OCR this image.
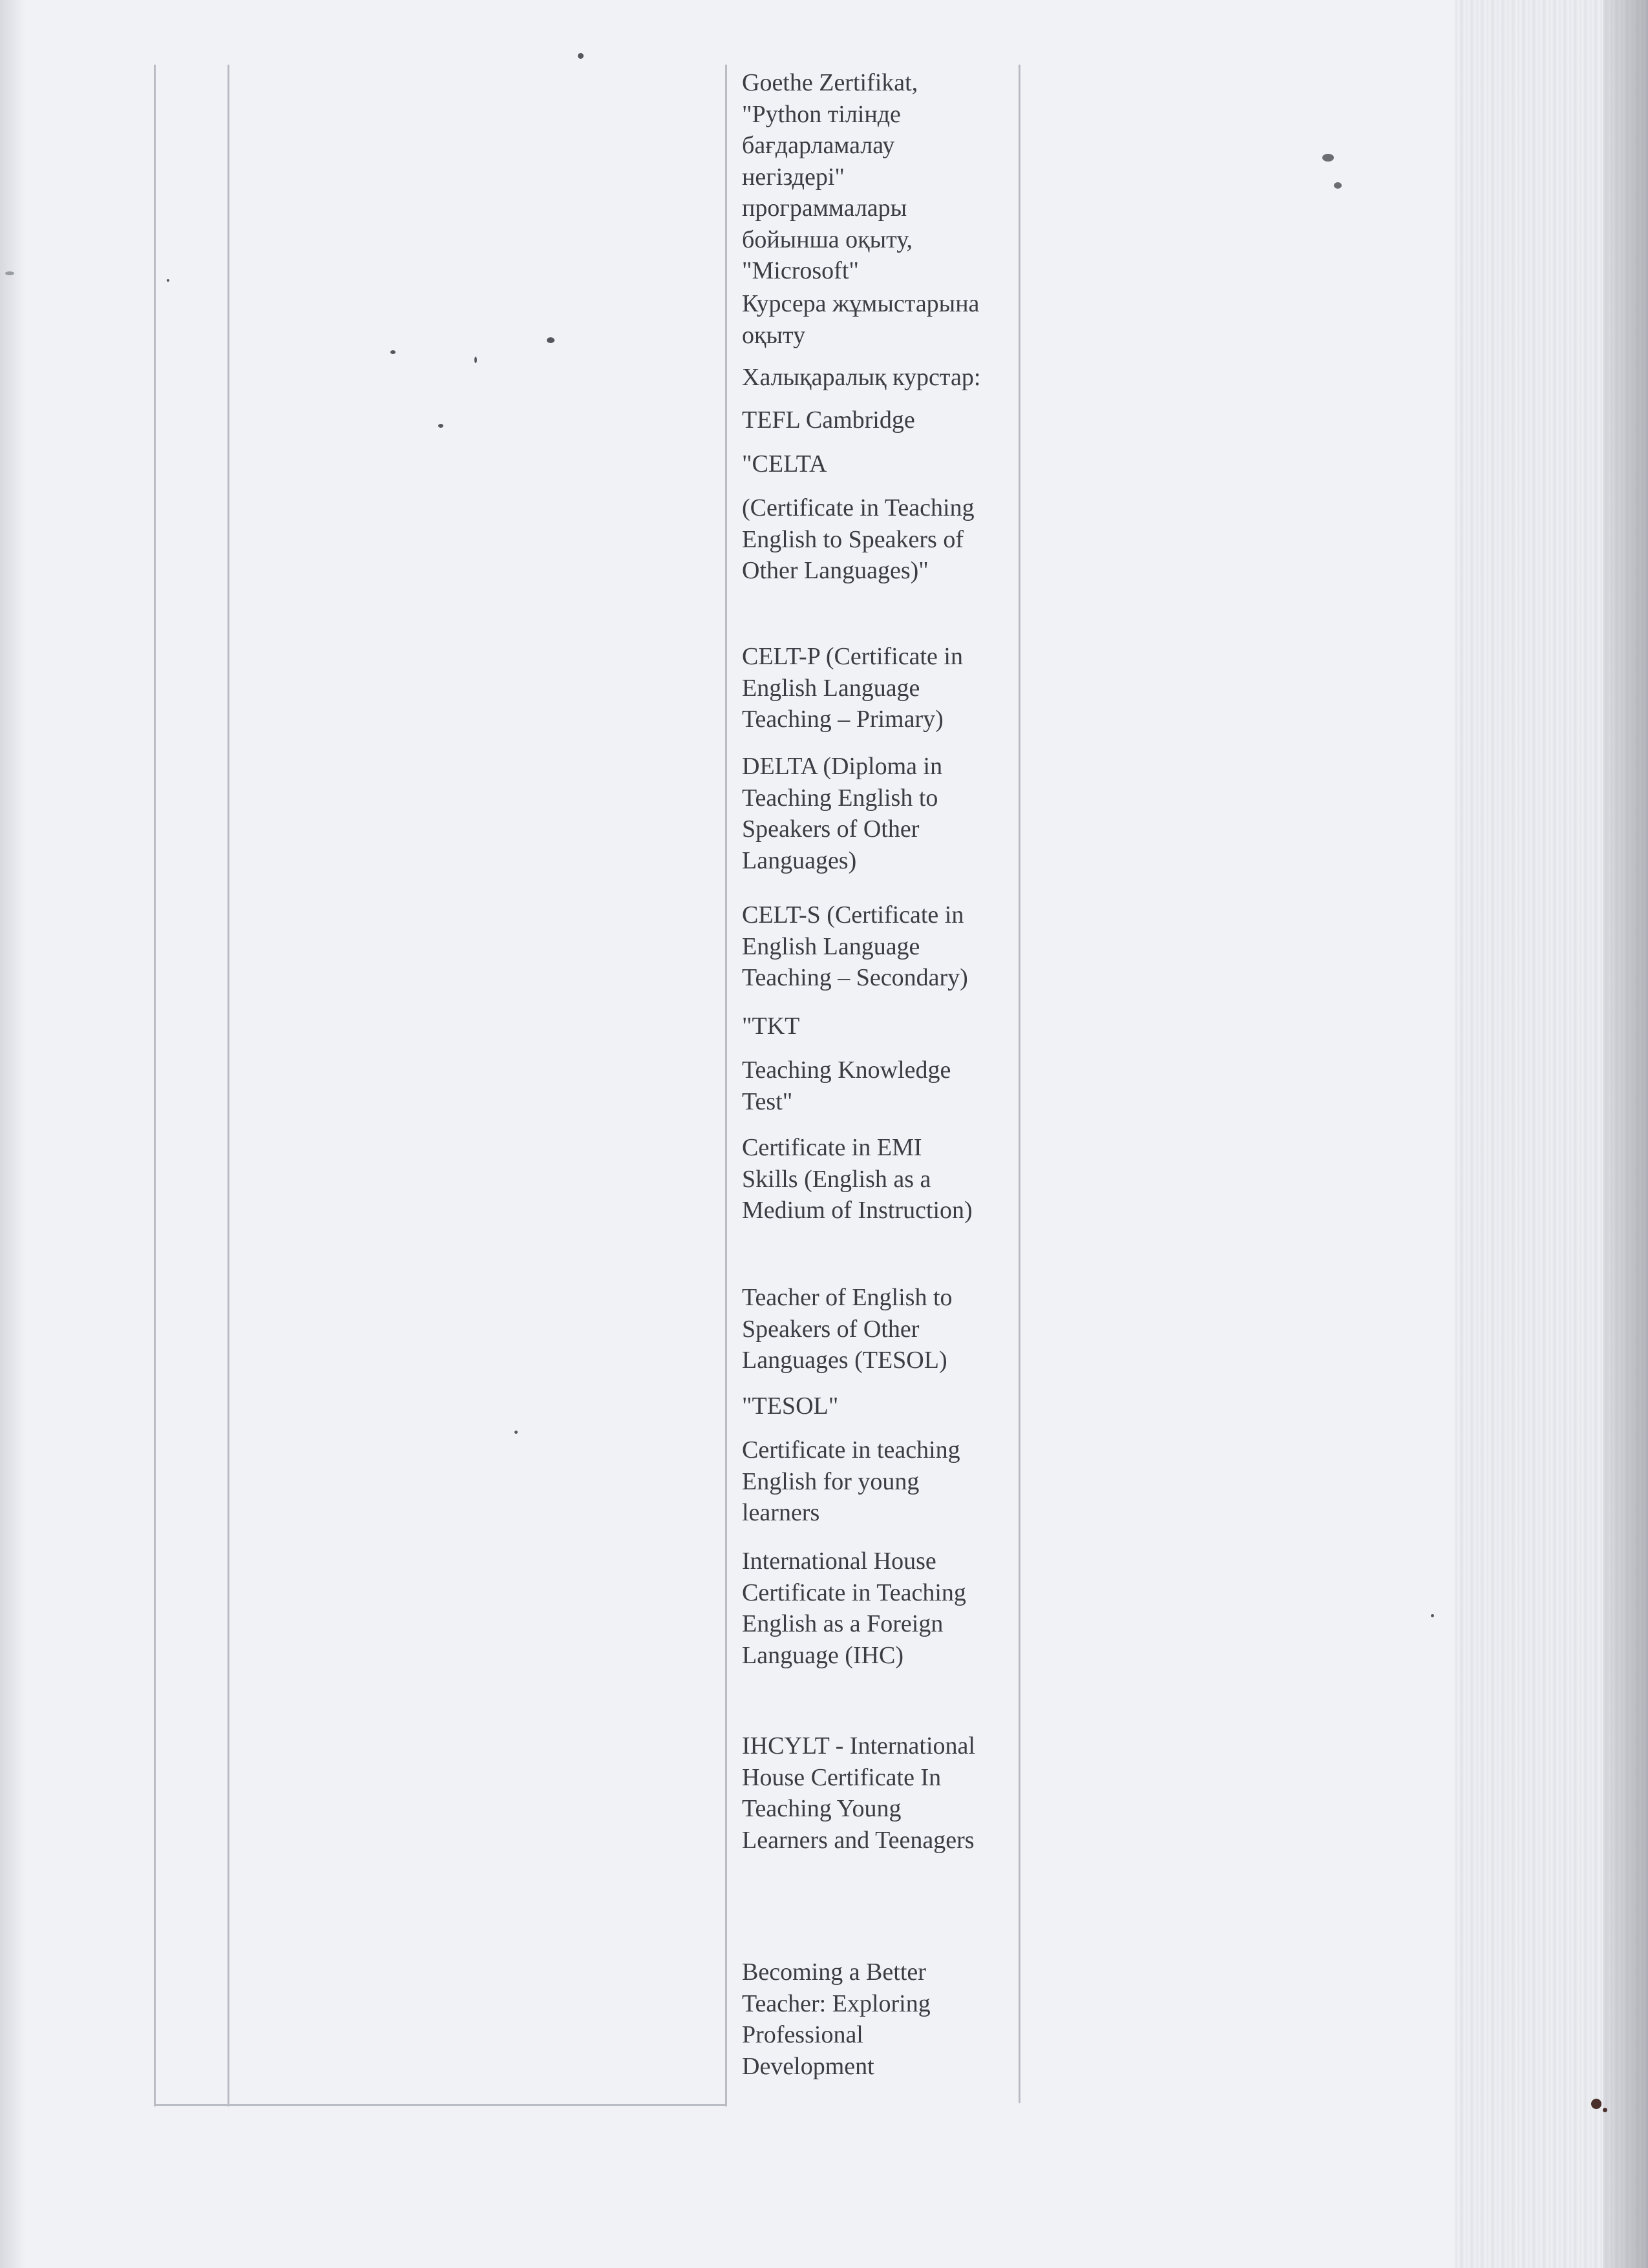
Goethe Zertifikat,
"Python тілінде
бағдарламалау
негіздері"
программалары
бойынша оқыту,
"Microsoft"
Курсера жұмыстарына
оқыту
Халықаралық курстар:
TEFL Cambridge
"CELTA
(Certificate in Teaching
English to Speakers of
Other Languages)"
CELT-P (Certificate in
English Language
Teaching – Primary)
DELTA (Diploma in
Teaching English to
Speakers of Other
Languages)
CELT-S (Certificate in
English Language
Teaching – Secondary)
"TKT
Teaching Knowledge
Test"
Certificate in EMI
Skills (English as a
Medium of Instruction)
Teacher of English to
Speakers of Other
Languages (TESOL)
"TESOL"
Certificate in teaching
English for young
learners
International House
Certificate in Teaching
English as a Foreign
Language (IHC)
IHCYLT - International
House Certificate In
Teaching Young
Learners and Teenagers
Becoming a Better
Teacher: Exploring
Professional
Development
